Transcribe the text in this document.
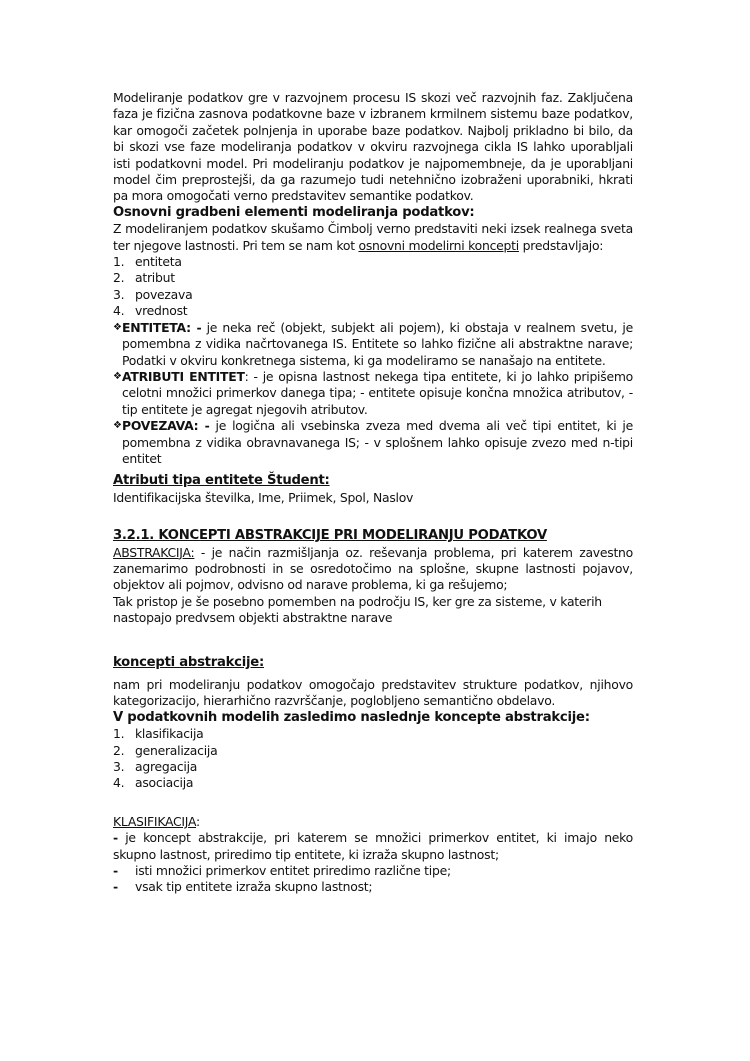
Modeliranje podatkov gre v razvojnem procesu IS skozi več razvojnih faz. Zaključena faza je fizična zasnova podatkovne baze v izbranem krmilnem sistemu baze podatkov, kar omogoči začetek polnjenja in uporabe baze podatkov. Najbolj prikladno bi bilo, da bi skozi vse faze modeliranja podatkov v okviru razvojnega cikla IS lahko uporabljali isti podatkovni model. Pri modeliranju podatkov je najpomembneje, da je uporabljani model čim preprostejši, da ga razumejo tudi netehnično izobraženi uporabniki, hkrati pa mora omogočati verno predstavitev semantike podatkov.

Osnovni gradbeni elementi modeliranja podatkov:

Z modeliranjem podatkov skušamo Čimbolj verno predstaviti neki izsek realnega sveta ter njegove lastnosti. Pri tem se nam kot osnovni modelirni koncepti predstavljajo:

1. entiteta
2. atribut
3. povezava
4. vrednost
❖ ENTITETA: - je neka reč (objekt, subjekt ali pojem), ki obstaja v realnem svetu, je pomembna z vidika načrtovanega IS. Entitete so lahko fizične ali abstraktne narave; Podatki v okviru konkretnega sistema, ki ga modeliramo se nanašajo na entitete.
❖ ATRIBUTI ENTITET: - je opisna lastnost nekega tipa entitete, ki jo lahko pripišemo celotni množici primerkov danega tipa; - entitete opisuje končna množica atributov, - tip entitete je agregat njegovih atributov.
❖ POVEZAVA: - je logična ali vsebinska zveza med dvema ali več tipi entitet, ki je pomembna z vidika obravnavanega IS; - v splošnem lahko opisuje zvezo med n-tipi entitet

Atributi tipa entitete Študent:

Identifikacijska številka, Ime, Priimek, Spol, Naslov

3.2.1. KONCEPTI ABSTRAKCIJE PRI MODELIRANJU PODATKOV

ABSTRAKCIJA: - je način razmišljanja oz. reševanja problema, pri katerem zavestno zanemarimo podrobnosti in se osredotočimo na splošne, skupne lastnosti pojavov, objektov ali pojmov, odvisno od narave problema, ki ga rešujemo;

Tak pristop je še posebno pomemben na področju IS, ker gre za sisteme, v katerih nastopajo predvsem objekti abstraktne narave

koncepti abstrakcije:

nam pri modeliranju podatkov omogočajo predstavitev strukture podatkov, njihovo kategorizacijo, hierarhično razvrščanje, poglobljeno semantično obdelavo.

V podatkovnih modelih zasledimo naslednje koncepte abstrakcije:

1. klasifikacija
2. generalizacija
3. agregacija
4. asociacija

KLASIFIKACIJA:

- je koncept abstrakcije, pri katerem se množici primerkov entitet, ki imajo neko skupno lastnost, priredimo tip entitete, ki izraža skupno lastnost;

-	isti množici primerkov entitet priredimo različne tipe;
-	vsak tip entitete izraža skupno lastnost;
